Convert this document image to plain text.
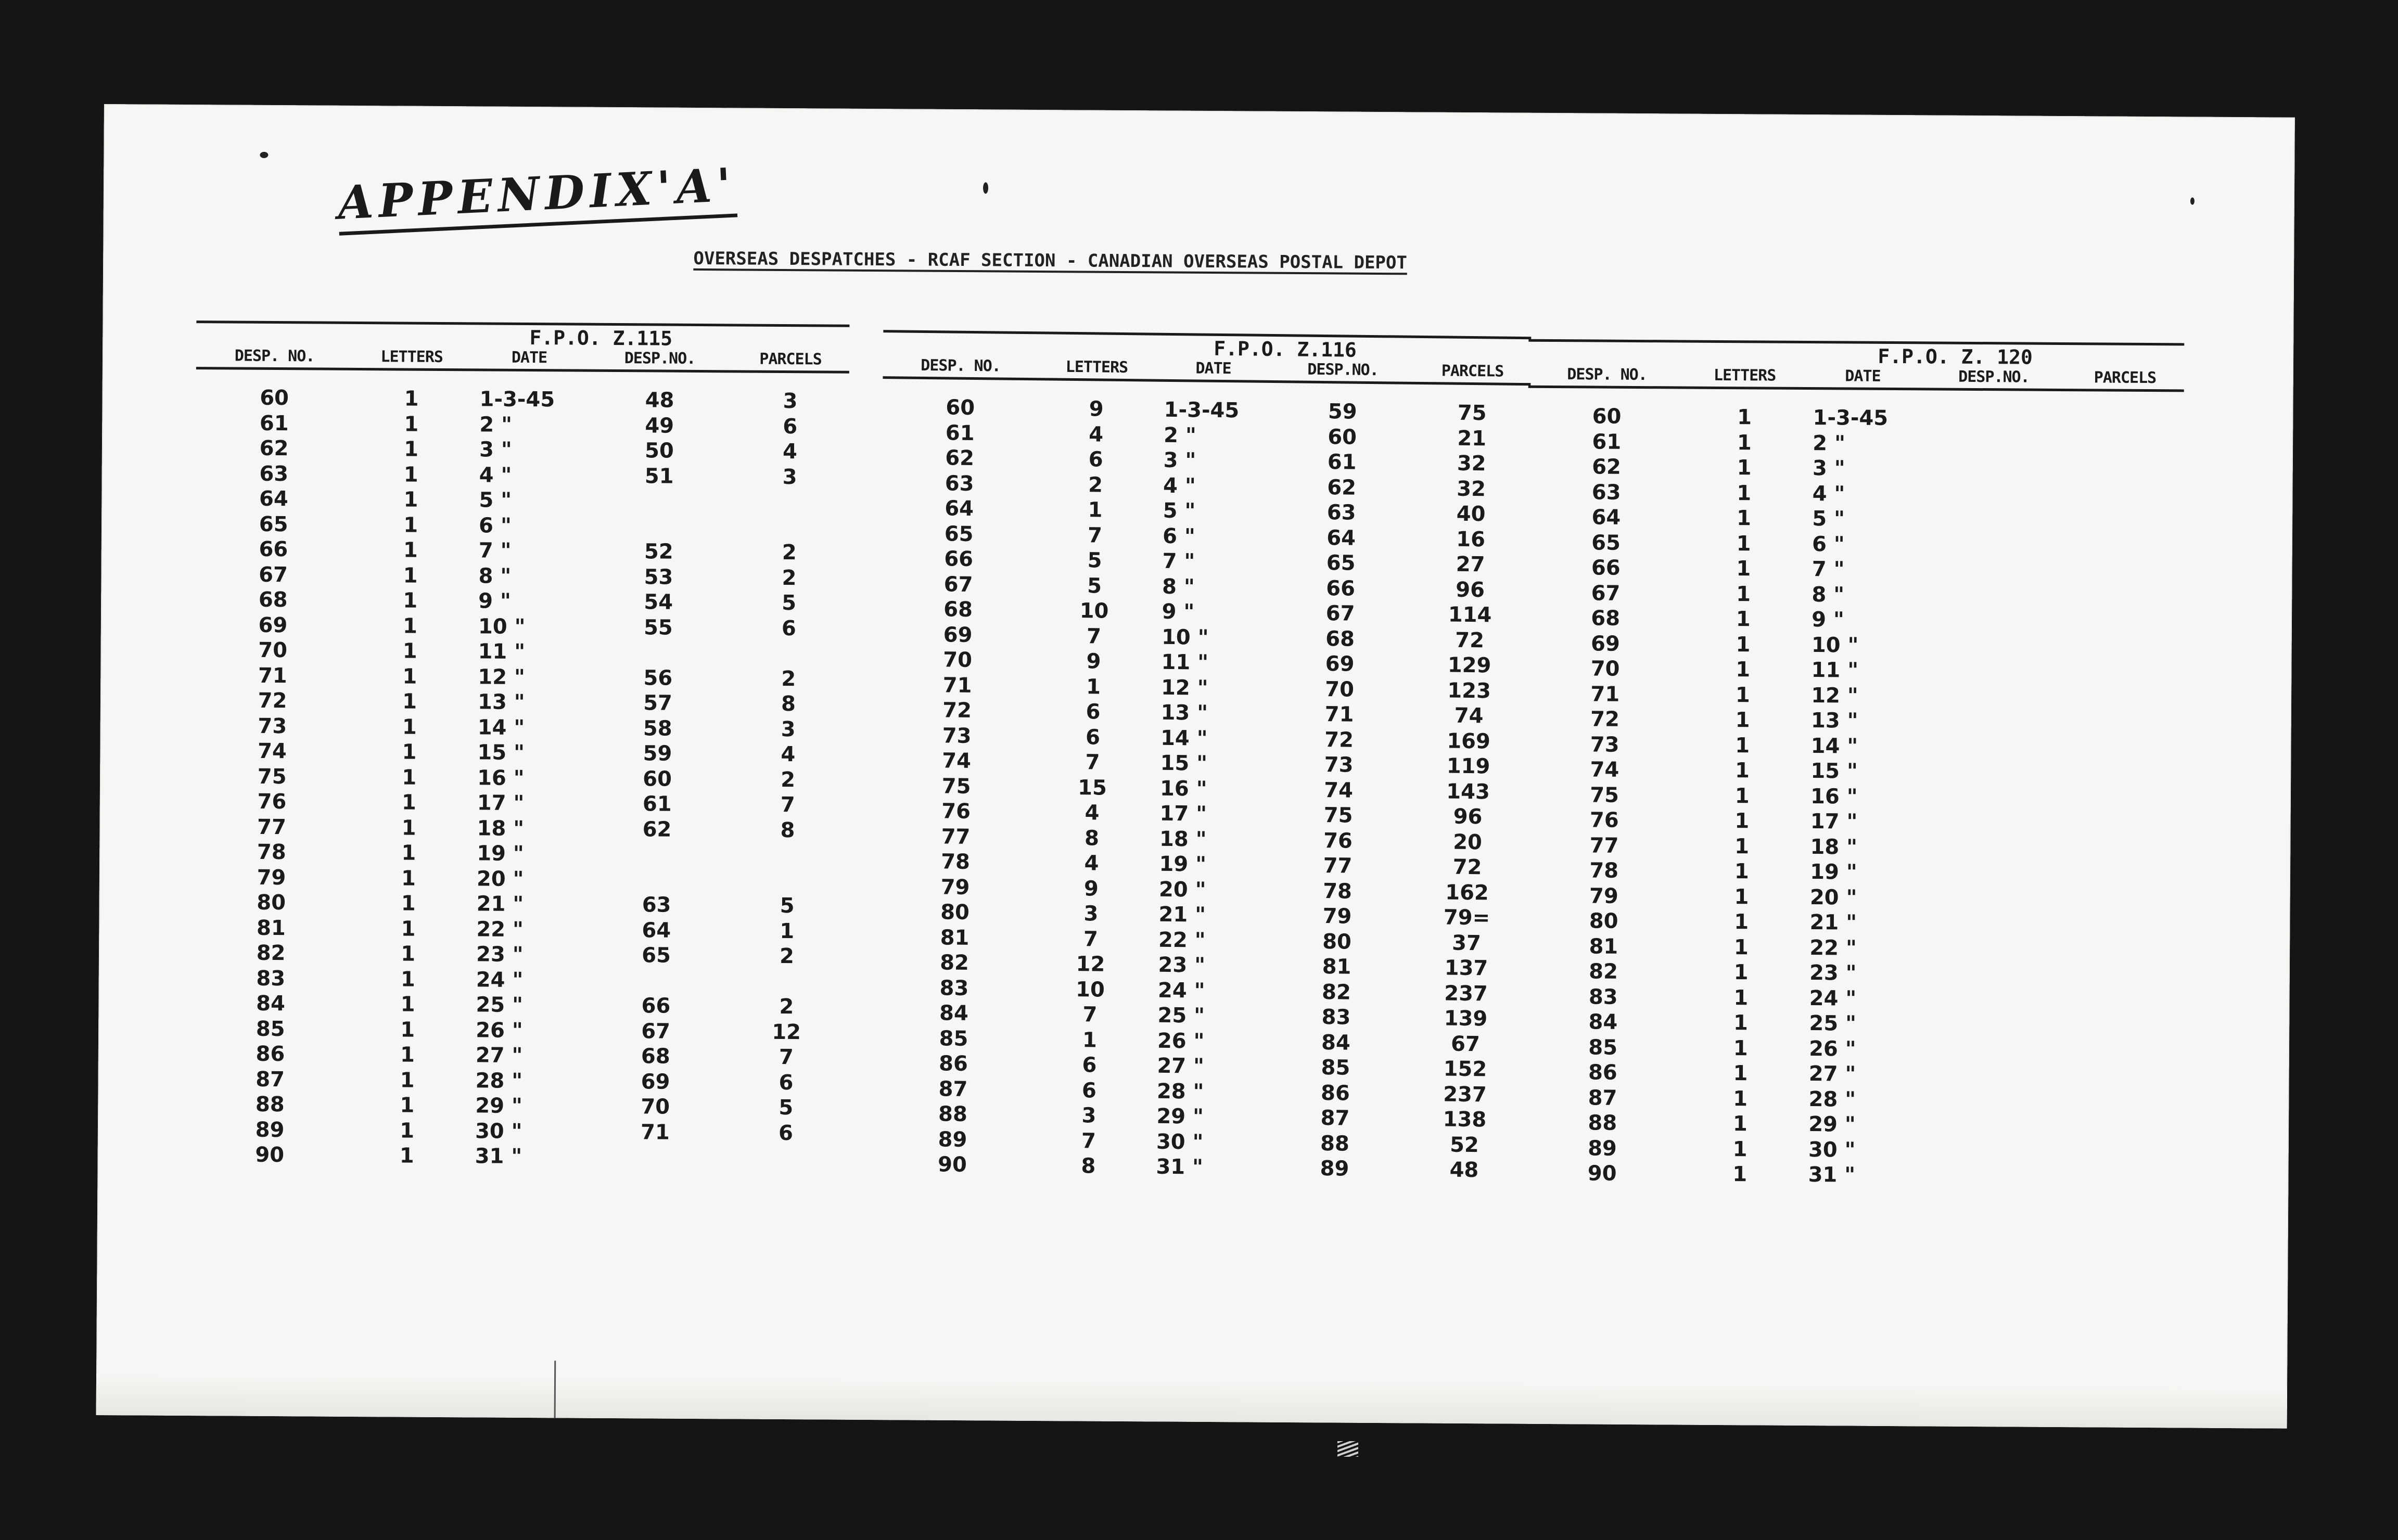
APPENDIX'A'
OVERSEAS DESPATCHES - RCAF SECTION - CANADIAN OVERSEAS POSTAL DEPOT
F.P.O. Z.115
DESP. NO.	LETTERS	DATE	DESP.NO.	PARCELS
60	1	1-3-45	48	3
61	1	2 "	49	6
62	1	3 "	50	4
63	1	4 "	51	3
64	1	5 "
65	1	6 "
66	1	7 "	52	2
67	1	8 "	53	2
68	1	9 "	54	5
69	1	10 "	55	6
70	1	11 "
71	1	12 "	56	2
72	1	13 "	57	8
73	1	14 "	58	3
74	1	15 "	59	4
75	1	16 "	60	2
76	1	17 "	61	7
77	1	18 "	62	8
78	1	19 "
79	1	20 "
80	1	21 "	63	5
81	1	22 "	64	1
82	1	23 "	65	2
83	1	24 "
84	1	25 "	66	2
85	1	26 "	67	12
86	1	27 "	68	7
87	1	28 "	69	6
88	1	29 "	70	5
89	1	30 "	71	6
90	1	31 "
F.P.O. Z.116
DESP. NO.	LETTERS	DATE	DESP.NO.	PARCELS
60	9	1-3-45	59	75
61	4	2 "	60	21
62	6	3 "	61	32
63	2	4 "	62	32
64	1	5 "	63	40
65	7	6 "	64	16
66	5	7 "	65	27
67	5	8 "	66	96
68	10	9 "	67	114
69	7	10 "	68	72
70	9	11 "	69	129
71	1	12 "	70	123
72	6	13 "	71	74
73	6	14 "	72	169
74	7	15 "	73	119
75	15	16 "	74	143
76	4	17 "	75	96
77	8	18 "	76	20
78	4	19 "	77	72
79	9	20 "	78	162
80	3	21 "	79	79=
81	7	22 "	80	37
82	12	23 "	81	137
83	10	24 "	82	237
84	7	25 "	83	139
85	1	26 "	84	67
86	6	27 "	85	152
87	6	28 "	86	237
88	3	29 "	87	138
89	7	30 "	88	52
90	8	31 "	89	48
F.P.O. Z. 120
DESP. NO.	LETTERS	DATE	DESP.NO.	PARCELS
60	1	1-3-45
61	1	2 "
62	1	3 "
63	1	4 "
64	1	5 "
65	1	6 "
66	1	7 "
67	1	8 "
68	1	9 "
69	1	10 "
70	1	11 "
71	1	12 "
72	1	13 "
73	1	14 "
74	1	15 "
75	1	16 "
76	1	17 "
77	1	18 "
78	1	19 "
79	1	20 "
80	1	21 "
81	1	22 "
82	1	23 "
83	1	24 "
84	1	25 "
85	1	26 "
86	1	27 "
87	1	28 "
88	1	29 "
89	1	30 "
90	1	31 "
